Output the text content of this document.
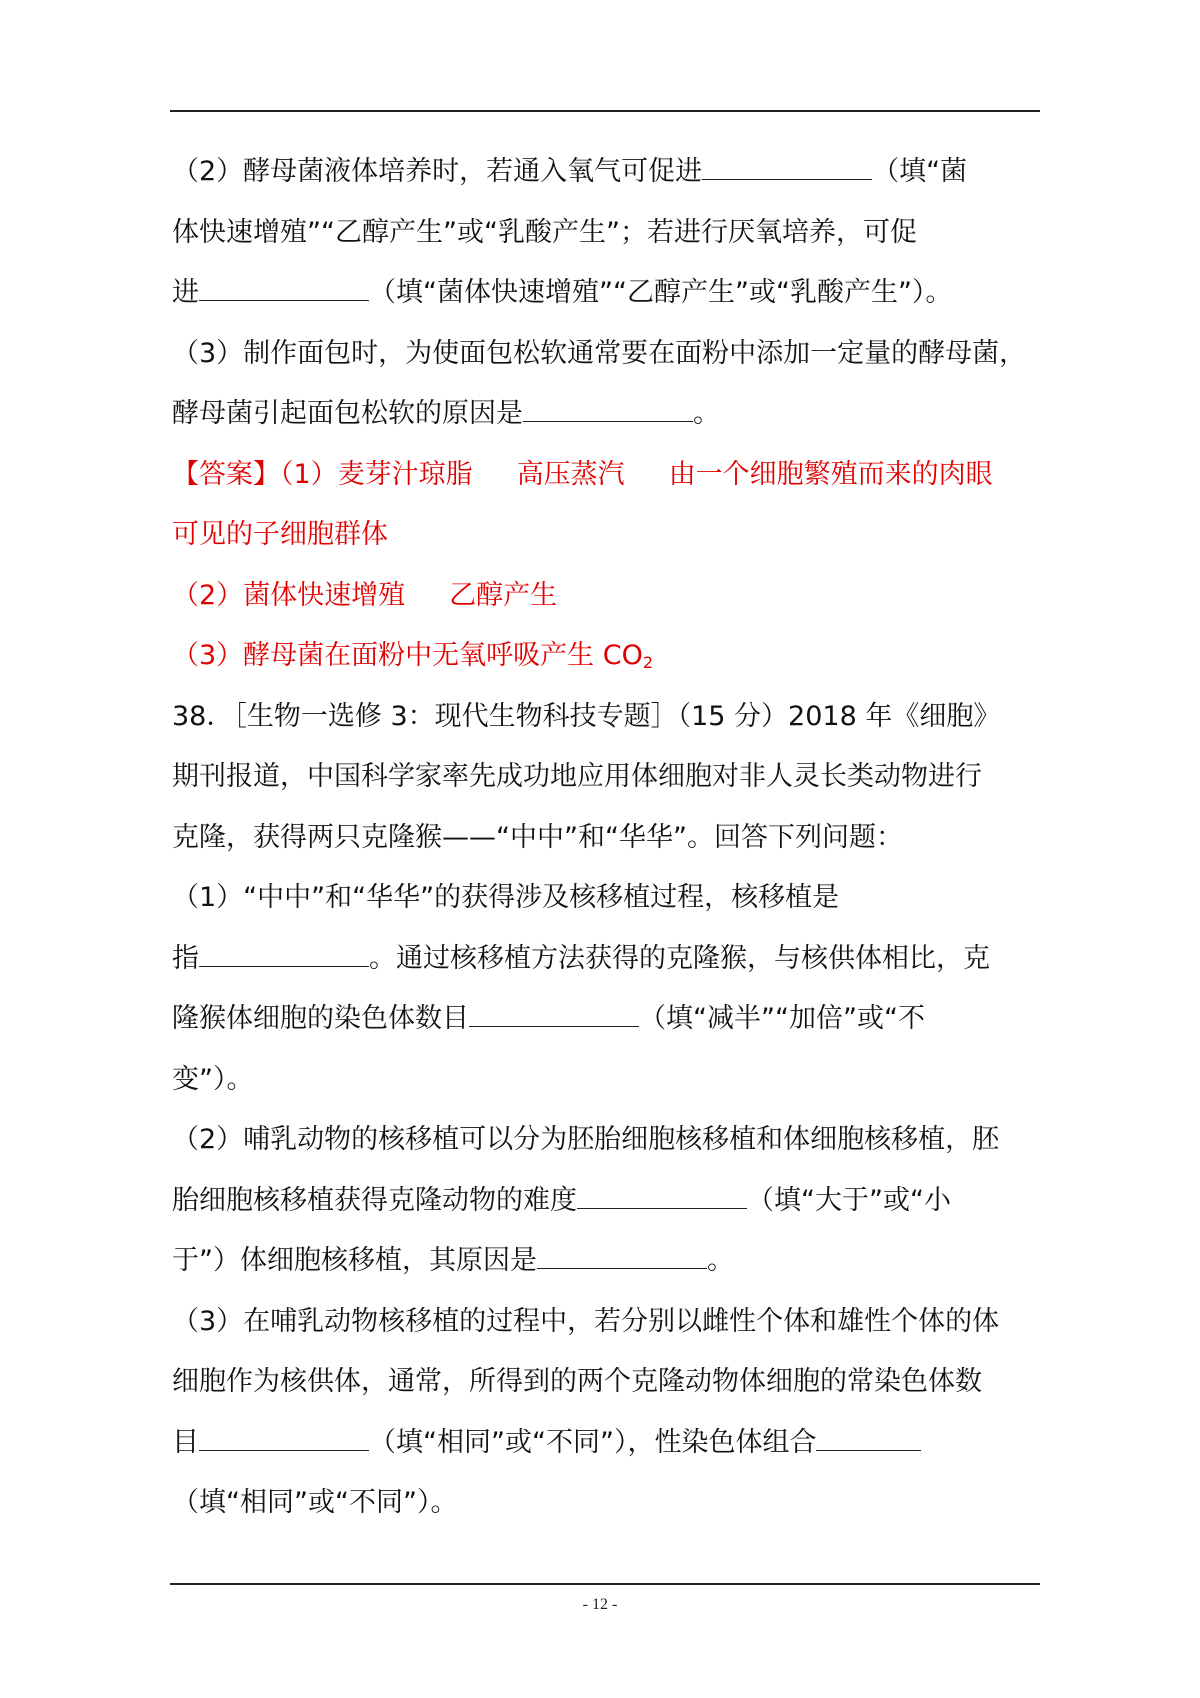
（2）酵母菌液体培养时，若通入氧气可促进	（填“菌
体快速增殖”“乙醇产生”或“乳酸产生”；若进行厌氧培养，可促
进	（填“菌体快速增殖”“乙醇产生”或“乳酸产生”）。
（3）制作面包时，为使面包松软通常要在面粉中添加一定量的酵母菌，
酵母菌引起面包松软的原因是	。
【答案】（1）麦芽汁琼脂 高压蒸汽 由一个细胞繁殖而来的肉眼
可见的子细胞群体
（2）菌体快速增殖 乙醇产生
（3）酵母菌在面粉中无氧呼吸产生 $CO_2$
38．［生物一选修 3：现代生物科技专题］（15 分）2018 年《细胞》
期刊报道，中国科学家率先成功地应用体细胞对非人灵长类动物进行
克隆，获得两只克隆猴——“中中”和“华华”。回答下列问题：
（1）“中中”和“华华”的获得涉及核移植过程，核移植是
指	。通过核移植方法获得的克隆猴，与核供体相比，克
隆猴体细胞的染色体数目	（填“减半”“加倍”或“不
变”）。
（2）哺乳动物的核移植可以分为胚胎细胞核移植和体细胞核移植，胚
胎细胞核移植获得克隆动物的难度	（填“大于”或“小
于”）体细胞核移植，其原因是	。
（3）在哺乳动物核移植的过程中，若分别以雌性个体和雄性个体的体
细胞作为核供体，通常，所得到的两个克隆动物体细胞的常染色体数
目	（填“相同”或“不同”），性染色体组合
（填“相同”或“不同”）。
- 12 -
